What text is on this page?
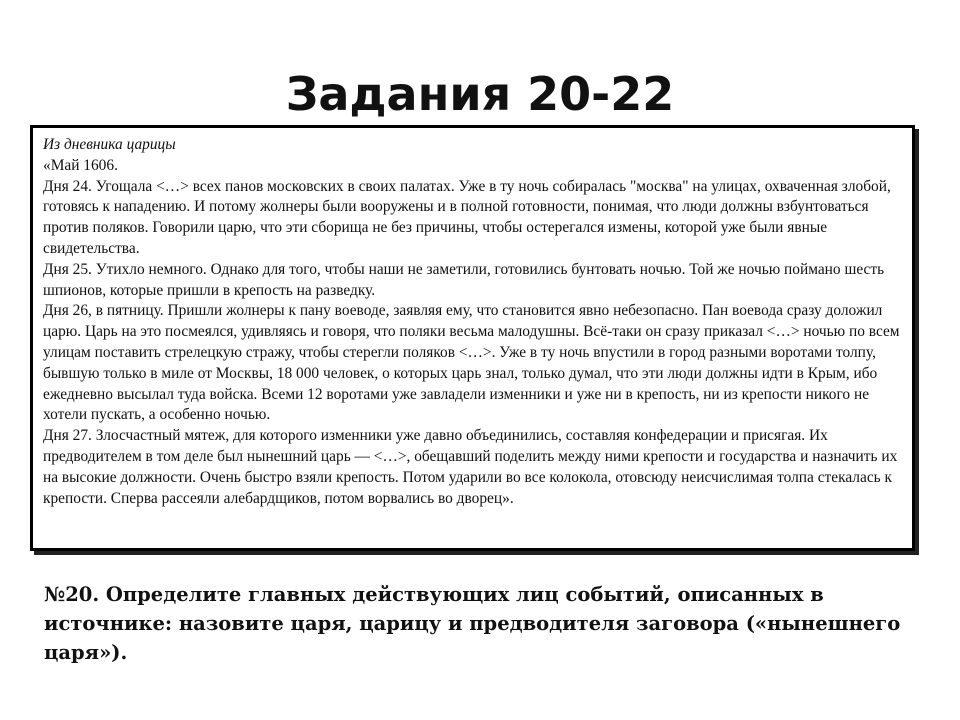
Задания 20-22

Из дневника царицы

«Май 1606.

Дня 24. Угощала <…> всех панов московских в своих палатах. Уже в ту ночь собиралась "москва" на улицах, охваченная злобой, готовясь к нападению. И потому жолнеры были вооружены и в полной готовности, понимая, что люди должны взбунтоваться против поляков. Говорили царю, что эти сборища не без причины, чтобы остерегался измены, которой уже были явные свидетельства.

Дня 25. Утихло немного. Однако для того, чтобы наши не заметили, готовились бунтовать ночью. Той же ночью поймано шесть шпионов, которые пришли в крепость на разведку.

Дня 26, в пятницу. Пришли жолнеры к пану воеводе, заявляя ему, что становится явно небезопасно. Пан воевода сразу доложил царю. Царь на это посмеялся, удивляясь и говоря, что поляки весьма малодушны. Всё-таки он сразу приказал <…> ночью по всем улицам поставить стрелецкую стражу, чтобы стерегли поляков <…>. Уже в ту ночь впустили в город разными воротами толпу, бывшую только в миле от Москвы, 18 000 человек, о которых царь знал, только думал, что эти люди должны идти в Крым, ибо ежедневно высылал туда войска. Всеми 12 воротами уже завладели изменники и уже ни в крепость, ни из крепости никого не хотели пускать, а особенно ночью.

Дня 27. Злосчастный мятеж, для которого изменники уже давно объединились, составляя конфедерации и присягая. Их предводителем в том деле был нынешний царь –– <…>, обещавший поделить между ними крепости и государства и назначить их на высокие должности. Очень быстро взяли крепость. Потом ударили во все колокола, отовсюду неисчислимая толпа стекалась к крепости. Сперва рассеяли алебардщиков, потом ворвались во дворец».

№20. Определите главных действующих лиц событий, описанных в источнике: назовите царя, царицу и предводителя заговора («нынешнего царя»).
